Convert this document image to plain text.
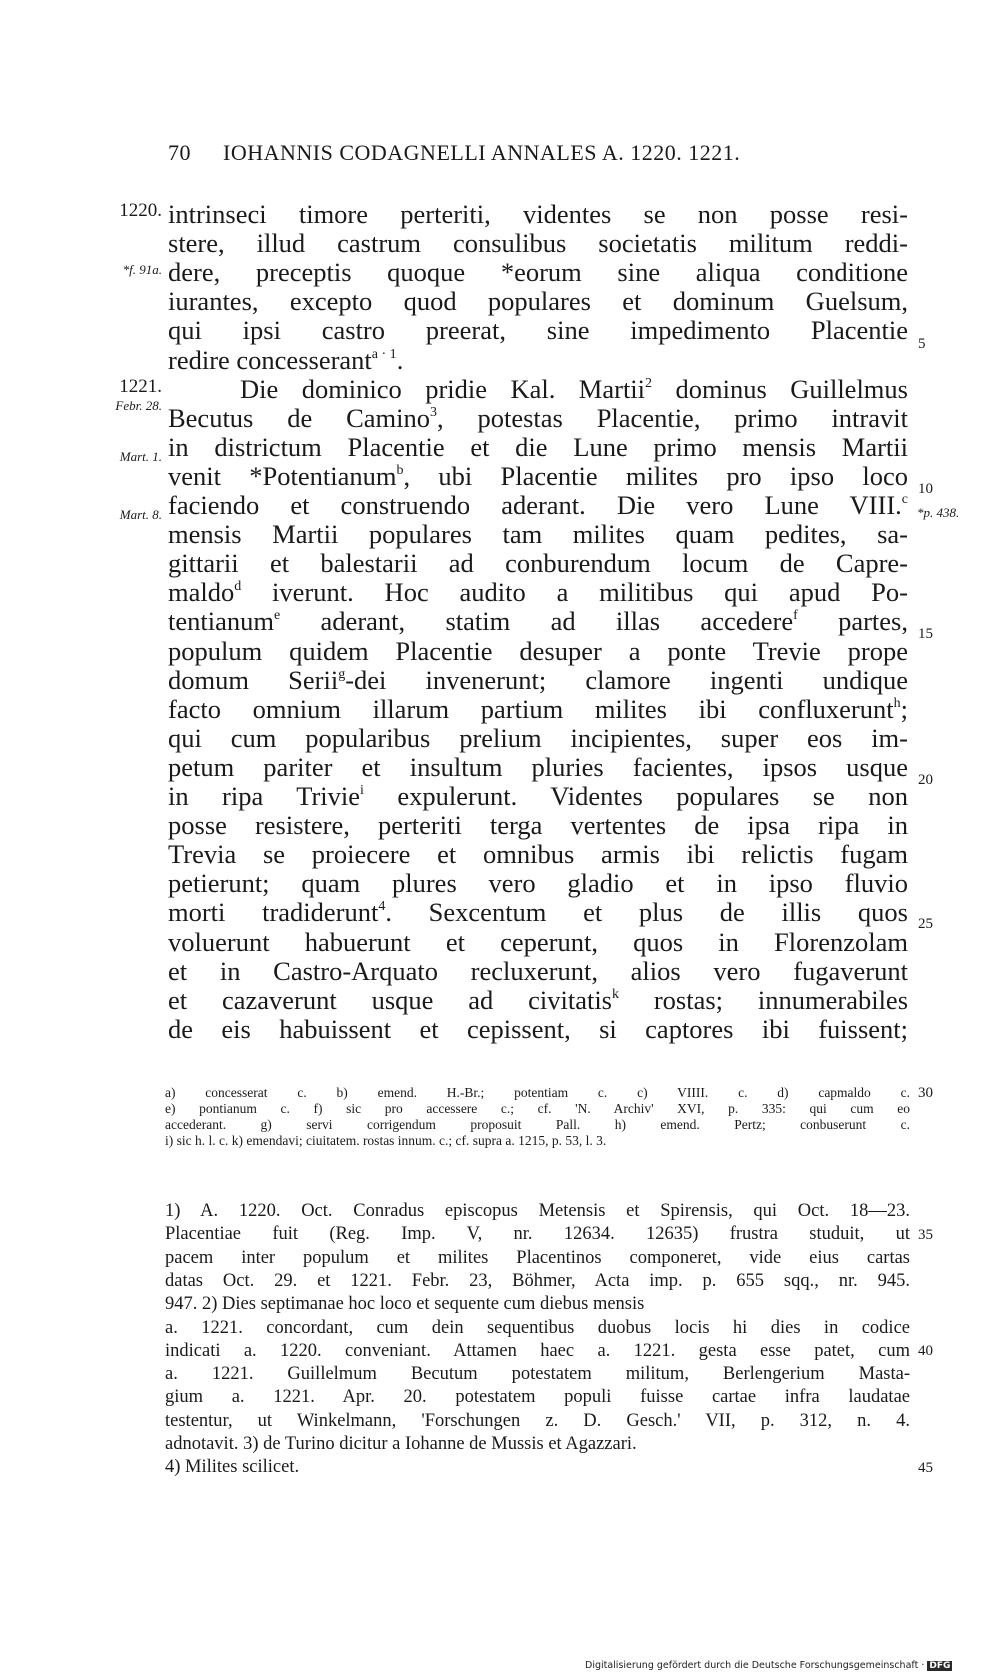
70 IOHANNIS CODAGNELLI ANNALES A. 1220. 1221.
intrinseci timore perteriti, videntes se non posse resi-
stere, illud castrum consulibus societatis militum reddi-
dere, preceptis quoque *eorum sine aliqua conditione
iurantes, excepto quod populares et dominum Guelsum,
qui ipsi castro preerat, sine impedimento Placentie
redire concesserant$^{a \cdot 1}$.
Die dominico pridie Kal. Martii$^2$ dominus Guillelmus
Becutus de Camino$^3$, potestas Placentie, primo intravit
in districtum Placentie et die Lune primo mensis Martii
venit *Potentianum$^b$, ubi Placentie milites pro ipso loco
faciendo et construendo aderant. Die vero Lune VIII.$^c$
mensis Martii populares tam milites quam pedites, sa-
gittarii et balestarii ad conburendum locum de Capre-
maldo$^d$ iverunt. Hoc audito a militibus qui apud Po-
tentianum$^e$ aderant, statim ad illas accedere$^f$ partes,
populum quidem Placentie desuper a ponte Trevie prope
domum Serii$^g$-dei invenerunt; clamore ingenti undique
facto omnium illarum partium milites ibi confluxerunt$^h$;
qui cum popularibus prelium incipientes, super eos im-
petum pariter et insultum pluries facientes, ipsos usque
in ripa Trivie$^i$ expulerunt. Videntes populares se non
posse resistere, perteriti terga vertentes de ipsa ripa in
Trevia se proiecere et omnibus armis ibi relictis fugam
petierunt; quam plures vero gladio et in ipso fluvio
morti tradiderunt$^4$. Sexcentum et plus de illis quos
voluerunt habuerunt et ceperunt, quos in Florenzolam
et in Castro-Arquato recluxerunt, alios vero fugaverunt
et cazaverunt usque ad civitatis$^k$ rostas; innumerabiles
de eis habuissent et cepissent, si captores ibi fuissent;
1220.
*f. 91a.
1221.
Febr. 28.
Mart. 1.
Mart. 8.
5
10
*p. 438.
15
20
25
a) concesserat c. b) emend. H.-Br.; potentiam c. c) VIIII. c. d) capmaldo c.
e) pontianum c. f) sic pro accessere c.; cf. 'N. Archiv' XVI, p. 335: qui cum eo
accederant. g) servi corrigendum proposuit Pall. h) emend. Pertz; conbuserunt c.
i) sic h. l. c. k) emendavi; ciuitatem. rostas innum. c.; cf. supra a. 1215, p. 53, l. 3.
30
1) A. 1220. Oct. Conradus episcopus Metensis et Spirensis, qui Oct. 18—23.
Placentiae fuit (Reg. Imp. V, nr. 12634. 12635) frustra studuit, ut
pacem inter populum et milites Placentinos componeret, vide eius cartas
datas Oct. 29. et 1221. Febr. 23, Böhmer, Acta imp. p. 655 sqq., nr. 945.
947. 2) Dies septimanae hoc loco et sequente cum diebus mensis
a. 1221. concordant, cum dein sequentibus duobus locis hi dies in codice
indicati a. 1220. conveniant. Attamen haec a. 1221. gesta esse patet, cum
a. 1221. Guillelmum Becutum potestatem militum, Berlengerium Masta-
gium a. 1221. Apr. 20. potestatem populi fuisse cartae infra laudatae
testentur, ut Winkelmann, 'Forschungen z. D. Gesch.' VII, p. 312, n. 4.
adnotavit. 3) de Turino dicitur a Iohanne de Mussis et Agazzari.
4) Milites scilicet.
35
40
45
Digitalisierung gefördert durch die Deutsche Forschungsgemeinschaft · DFG
